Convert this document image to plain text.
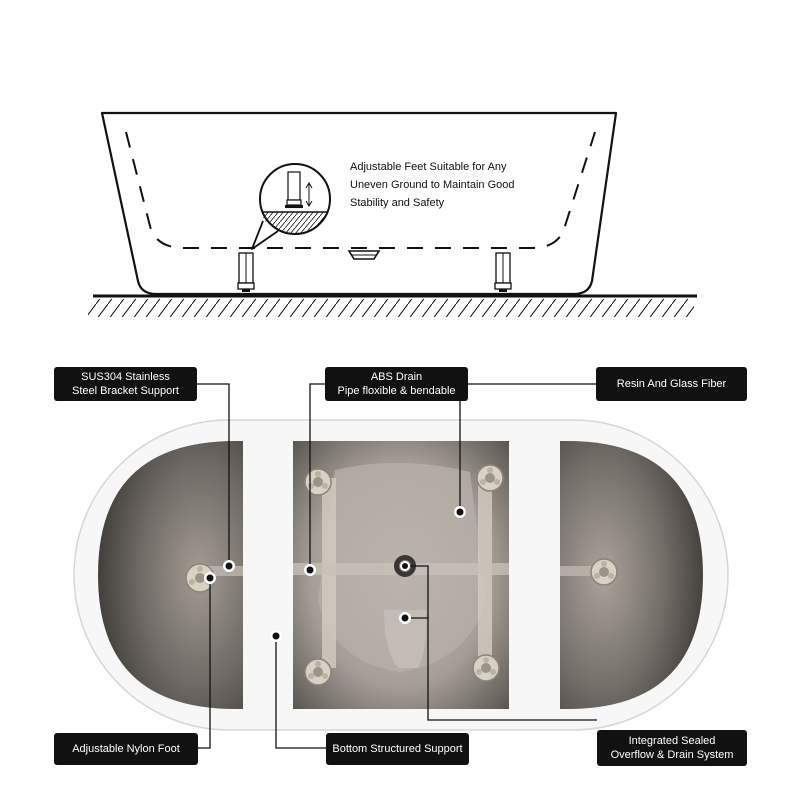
Adjustable Feet Suitable for Any
Uneven Ground to Maintain Good
Stability and Safety
SUS304 Stainless
Steel Bracket Support
ABS Drain
Pipe floxible & bendable
Resin And Glass Fiber
Adjustable Nylon Foot	Bottom Structured Support
Integrated Sealed
Overflow & Drain System
